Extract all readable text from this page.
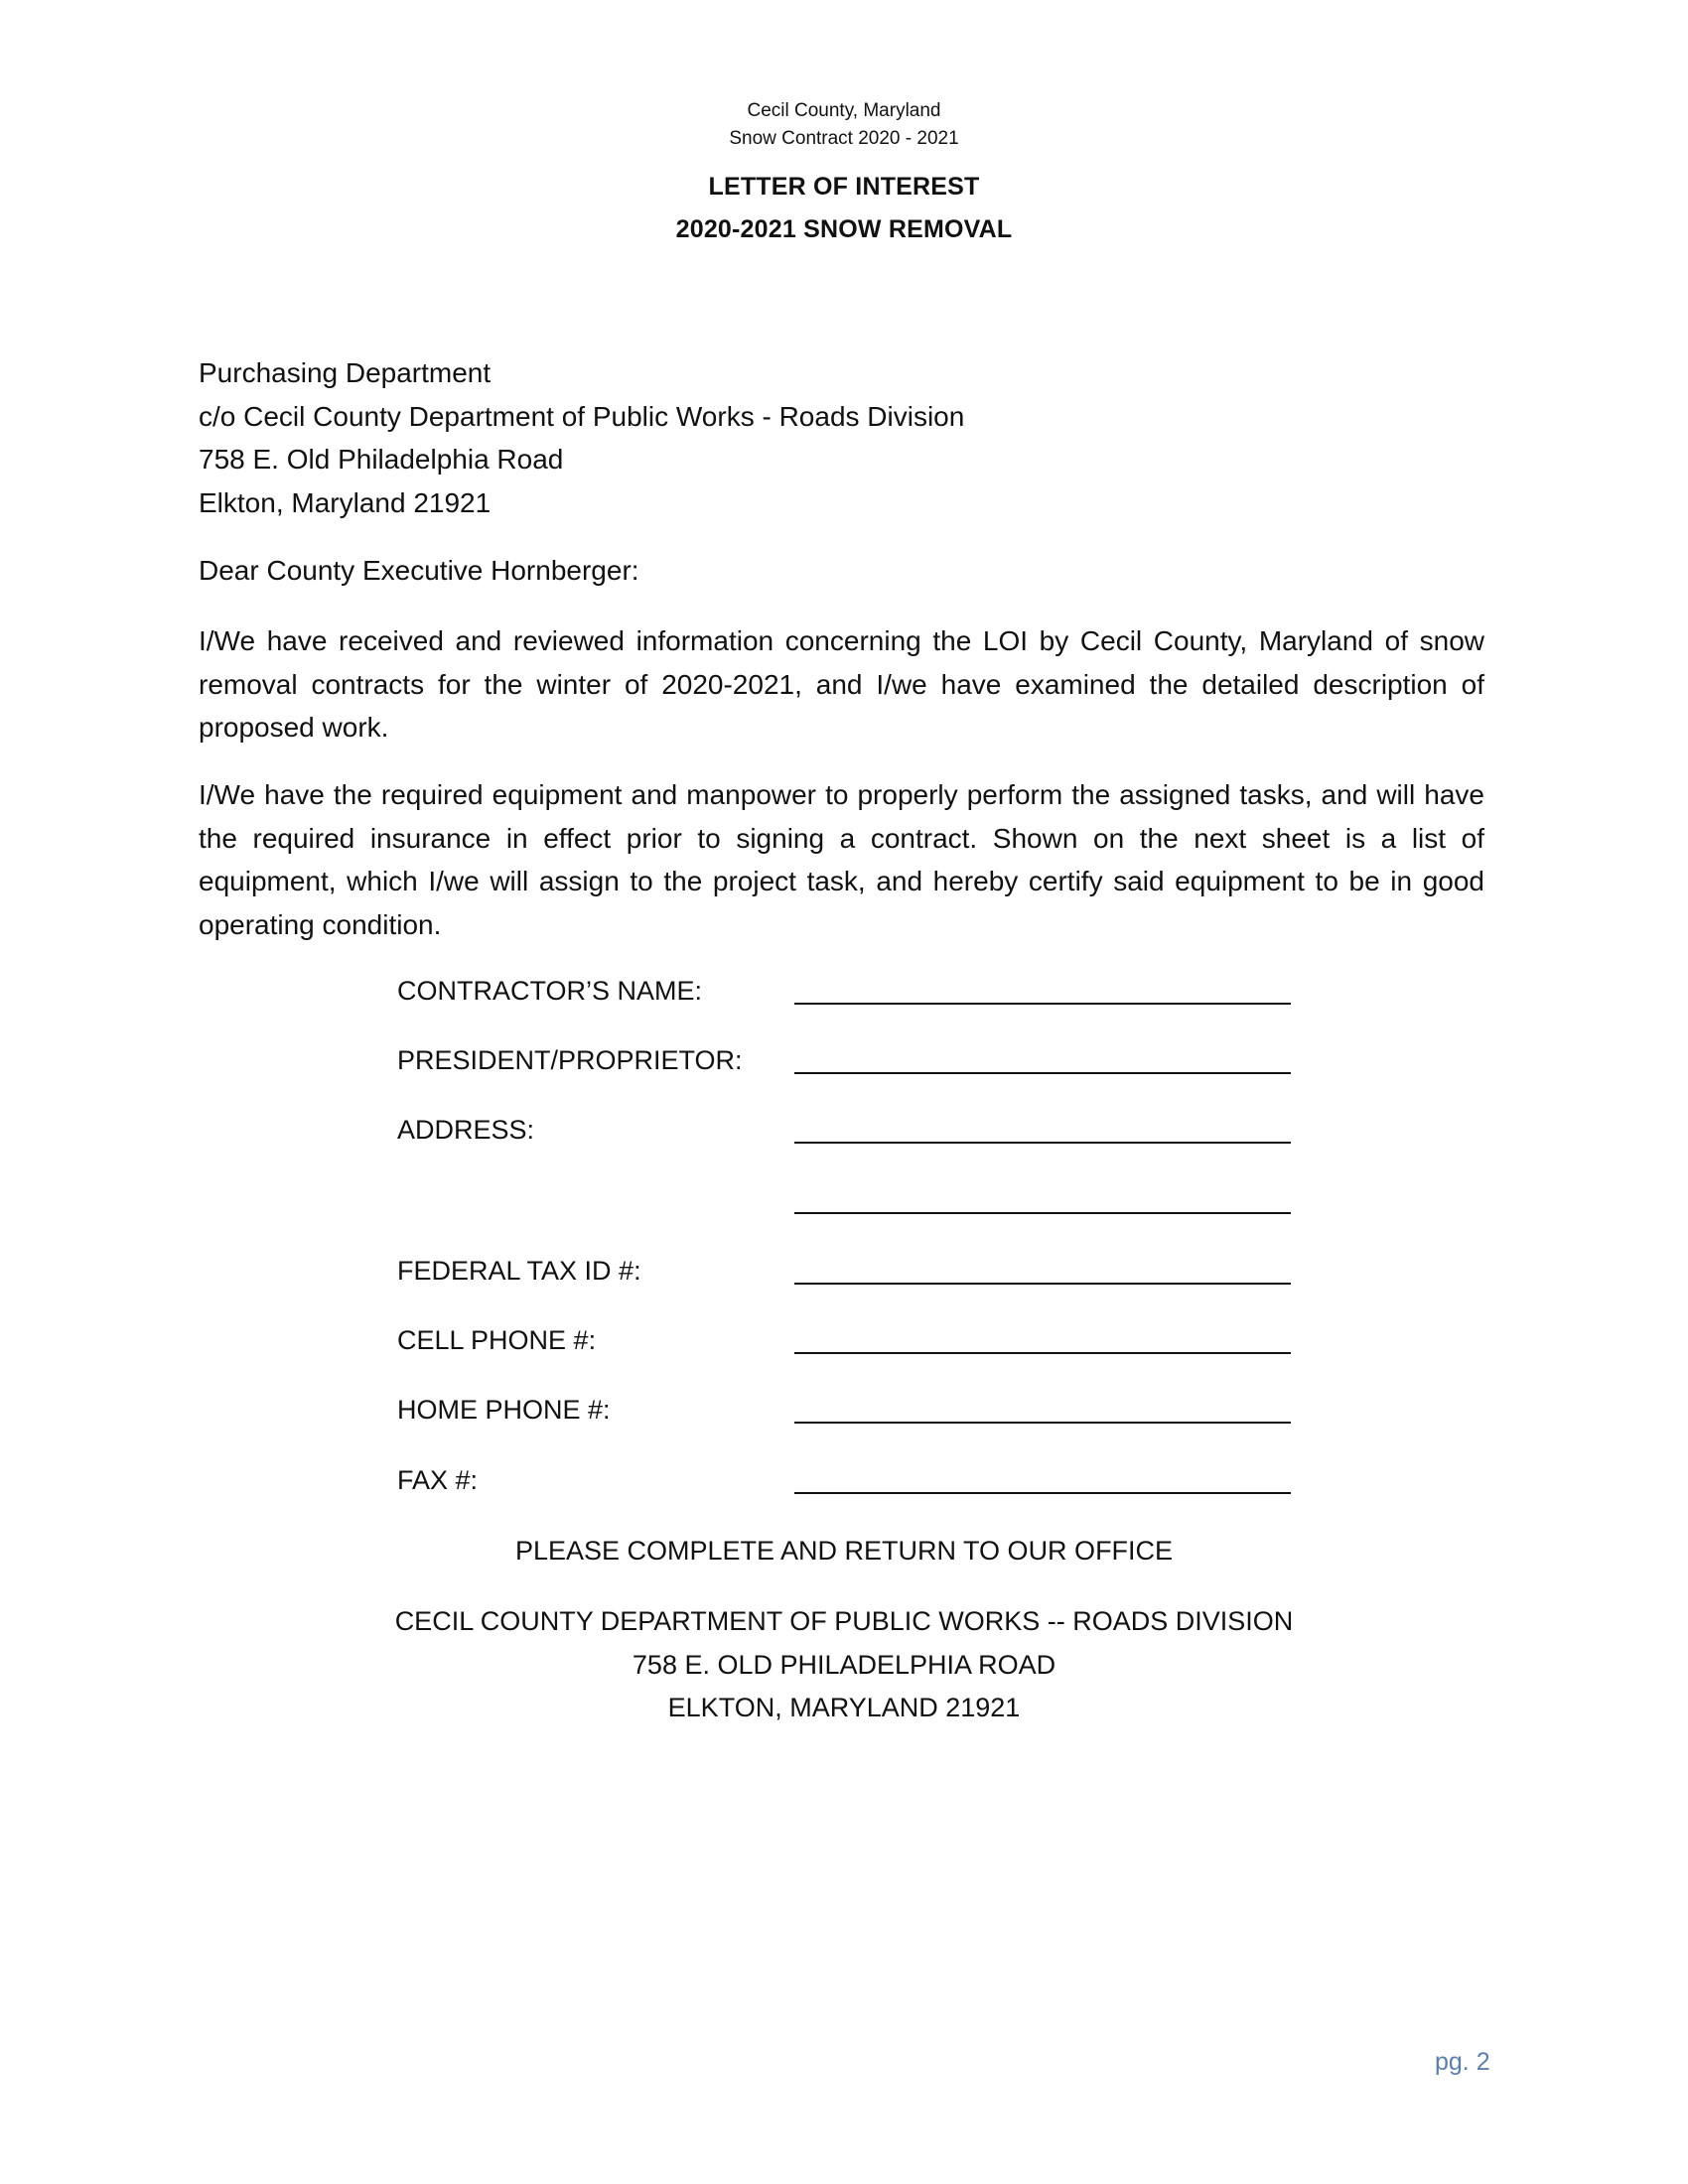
Cecil County, Maryland
Snow Contract 2020 - 2021
LETTER OF INTEREST
2020-2021 SNOW REMOVAL
Purchasing Department
c/o Cecil County Department of Public Works - Roads Division
758 E. Old Philadelphia Road
Elkton, Maryland 21921
Dear County Executive Hornberger:
I/We have received and reviewed information concerning the LOI by Cecil County, Maryland of snow removal contracts for the winter of 2020-2021, and I/we have examined the detailed description of proposed work.
I/We have the required equipment and manpower to properly perform the assigned tasks, and will have the required insurance in effect prior to signing a contract. Shown on the next sheet is a list of equipment, which I/we will assign to the project task, and hereby certify said equipment to be in good operating condition.
CONTRACTOR’S NAME:
PRESIDENT/PROPRIETOR:
ADDRESS:
FEDERAL TAX ID #:
CELL PHONE #:
HOME PHONE #:
FAX #:
PLEASE COMPLETE AND RETURN TO OUR OFFICE
CECIL COUNTY DEPARTMENT OF PUBLIC WORKS -- ROADS DIVISION
758 E. OLD PHILADELPHIA ROAD
ELKTON, MARYLAND 21921
pg. 2
